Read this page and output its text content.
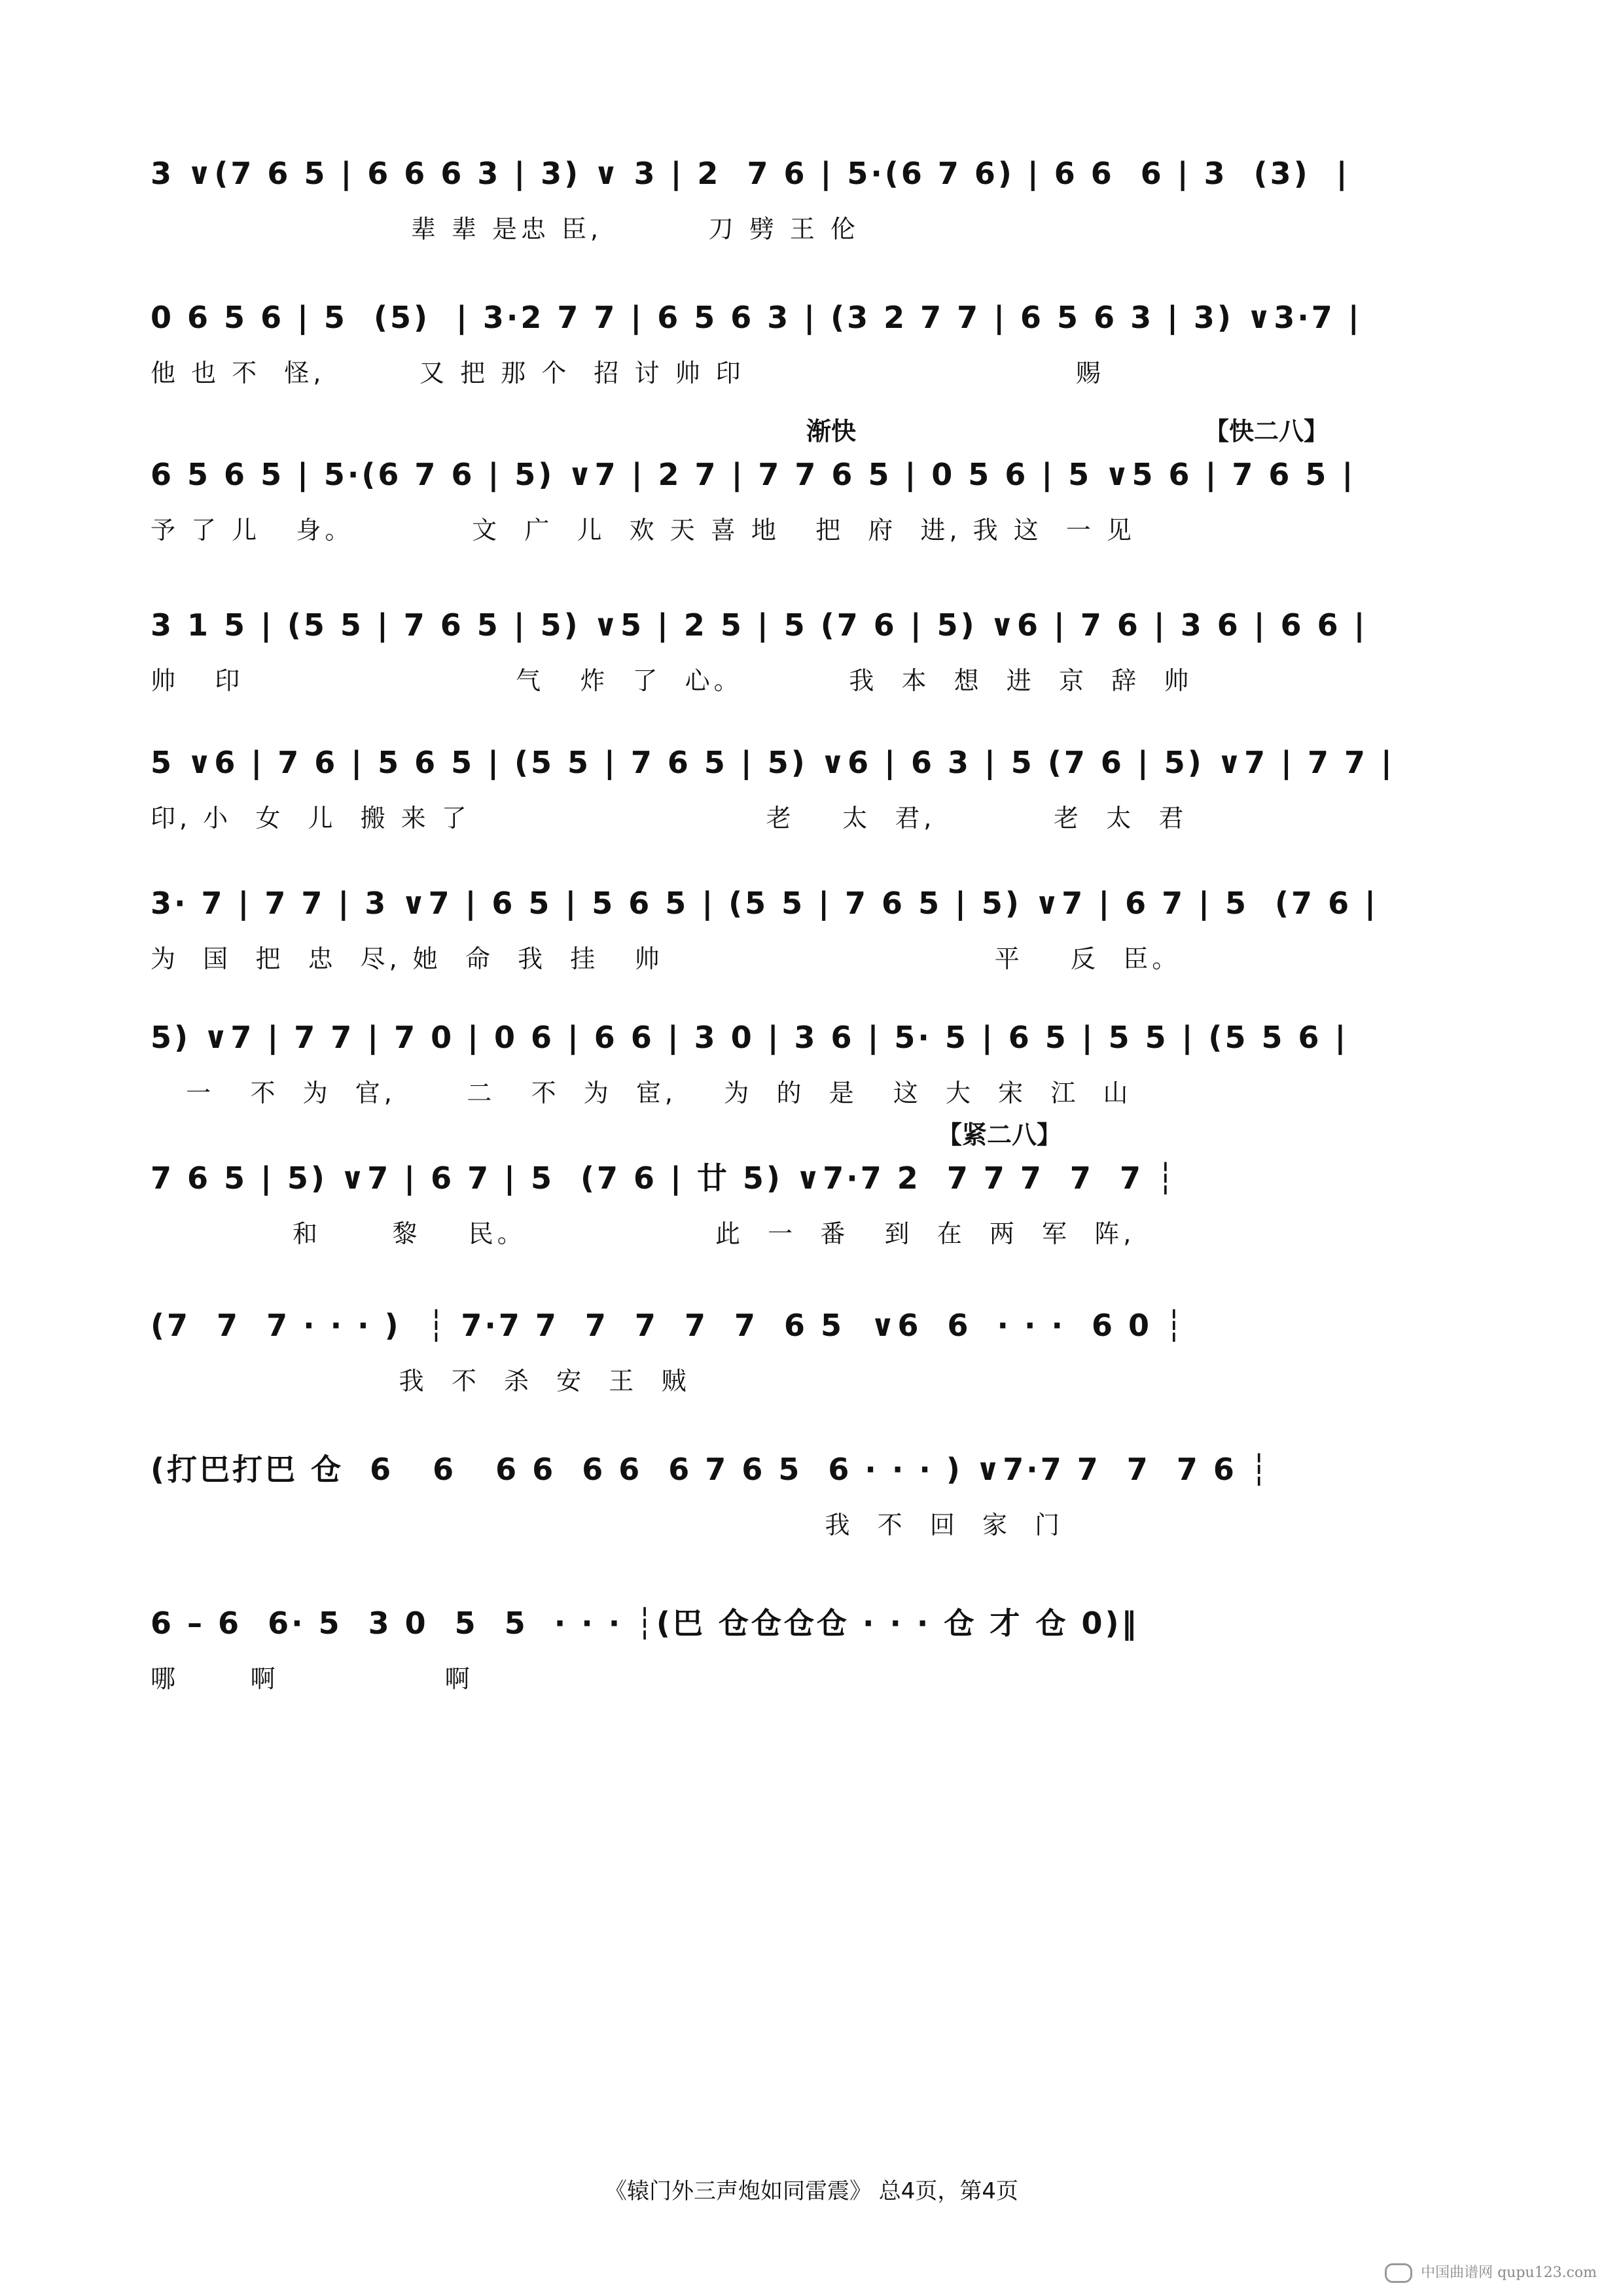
3 ∨(7 6 5 | 6 6 6 3 | 3) ∨ 3 | 2  7 6 | 5·(6 7 6) | 6 6  6 | 3  (3)  |
辈 辈 是忠 臣,         刀 劈 王 伦
0 6 5 6 | 5  (5)  | 3·2 7 7 | 6 5 6 3 | (3 2 7 7 | 6 5 6 3 | 3) ∨3·7 |
他 也 不  怪,        又 把 那 个  招 讨 帅 印                            赐
渐快	【快二八】
6 5 6 5 | 5·(6 7 6 | 5) ∨7 | 2 7 | 7 7 6 5 | 0 5 6 | 5 ∨5 6 | 7 6 5 |
予 了 儿   身。          文  广  儿  欢 天 喜 地   把  府  进, 我 这  一 见
3 1 5 | (5 5 | 7 6 5 | 5) ∨5 | 2 5 | 5 (7 6 | 5) ∨6 | 7 6 | 3 6 | 6 6 |
帅   印                       气   炸  了  心。         我  本  想  进  京  辞  帅
5 ∨6 | 7 6 | 5 6 5 | (5 5 | 7 6 5 | 5) ∨6 | 6 3 | 5 (7 6 | 5) ∨7 | 7 7 |
印, 小  女  儿  搬 来 了                         老    太  君,          老  太  君
3· 7 | 7 7 | 3 ∨7 | 6 5 | 5 6 5 | (5 5 | 7 6 5 | 5) ∨7 | 6 7 | 5  (7 6 |
为  国  把  忠  尽, 她  命  我  挂   帅                            平    反  臣。
5) ∨7 | 7 7 | 7 0 | 0 6 | 6 6 | 3 0 | 3 6 | 5· 5 | 6 5 | 5 5 | (5 5 6 |
一   不  为  官,      二   不  为  宦,    为  的  是   这  大  宋  江  山
【紧二八】
7 6 5 | 5) ∨7 | 6 7 | 5  (7 6 | 廿 5) ∨7·7 2  7 7 7  7  7 ┆
和      黎    民。                此  一  番   到  在  两  军  阵,
(7  7  7 · · · )  ┆ 7·7 7  7  7  7  7  6 5  ∨6  6  · · ·  6 0 ┆
我  不  杀  安  王  贼
(打巴打巴 仓  6   6   6 6  6 6  6 7 6 5  6 · · · ) ∨7·7 7  7  7 6 ┆
我  不  回  家  门
6 – 6  6· 5  3 0  5  5  · · · ┆(巴 仓仓仓仓 · · · 仓 才 仓 0)‖
哪      啊              啊
《辕门外三声炮如同雷震》 总4页，第4页
中国曲谱网 qupu123.com
